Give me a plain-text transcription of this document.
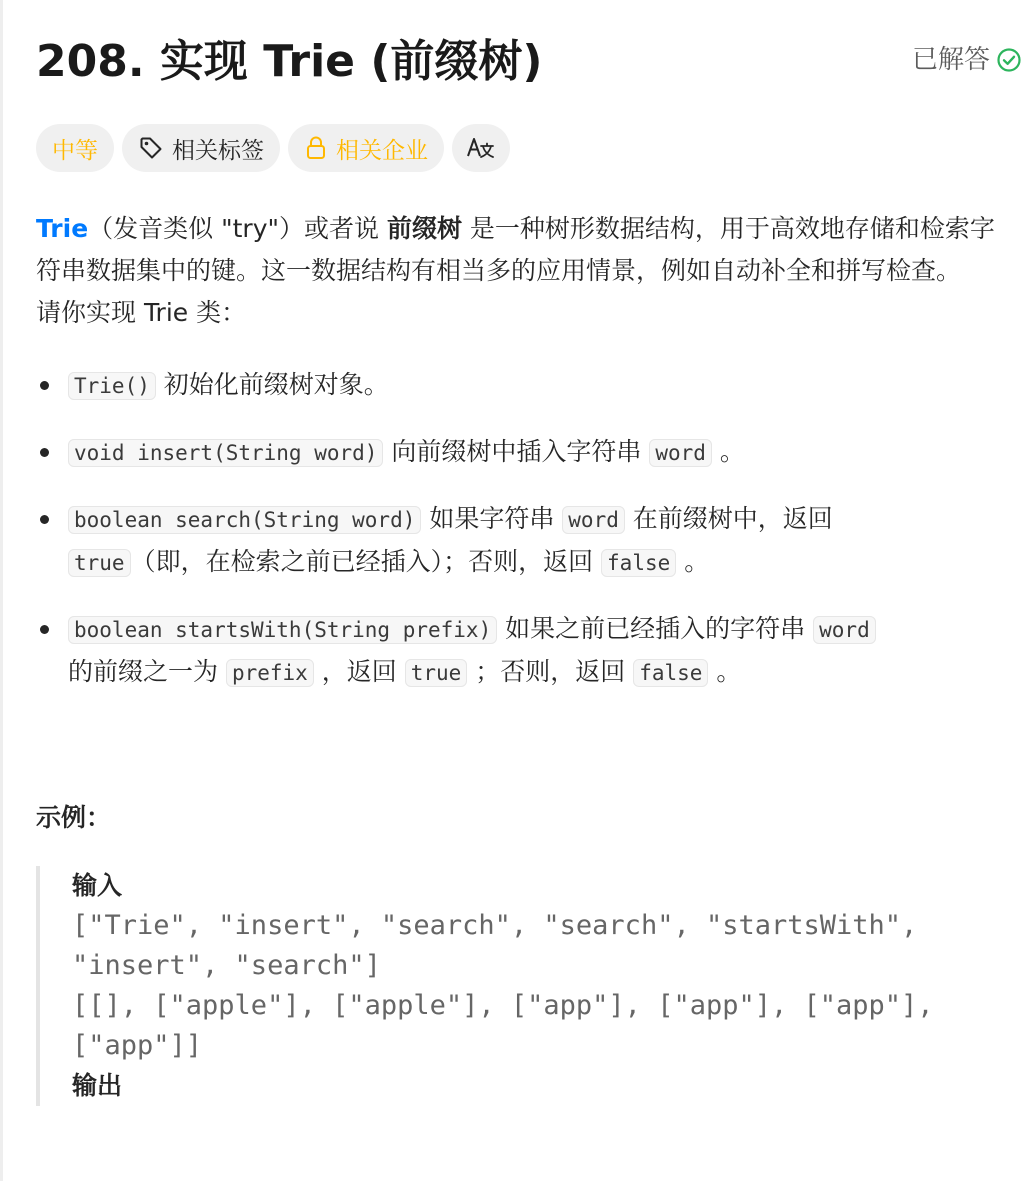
208. 实现 Trie (前缀树)	已解答
中等	相关标签	相关企业

Trie（发音类似 "try"）或者说 前缀树 是一种树形数据结构，用于高效地存储和检索字符串数据集中的键。这一数据结构有相当多的应用情景，例如自动补全和拼写检查。

请你实现 Trie 类：

Trie() 初始化前缀树对象。
void insert(String word) 向前缀树中插入字符串 word 。
boolean search(String word) 如果字符串 word 在前缀树中，返回
true （即，在检索之前已经插入）；否则，返回 false 。
boolean startsWith(String prefix) 如果之前已经插入的字符串 word
的前缀之一为 prefix ，返回 true ；否则，返回 false 。
示例：
输入
["Trie", "insert", "search", "search", "startsWith", "insert", "search"]
[[], ["apple"], ["apple"], ["app"], ["app"], ["app"], ["app"]]
输出
